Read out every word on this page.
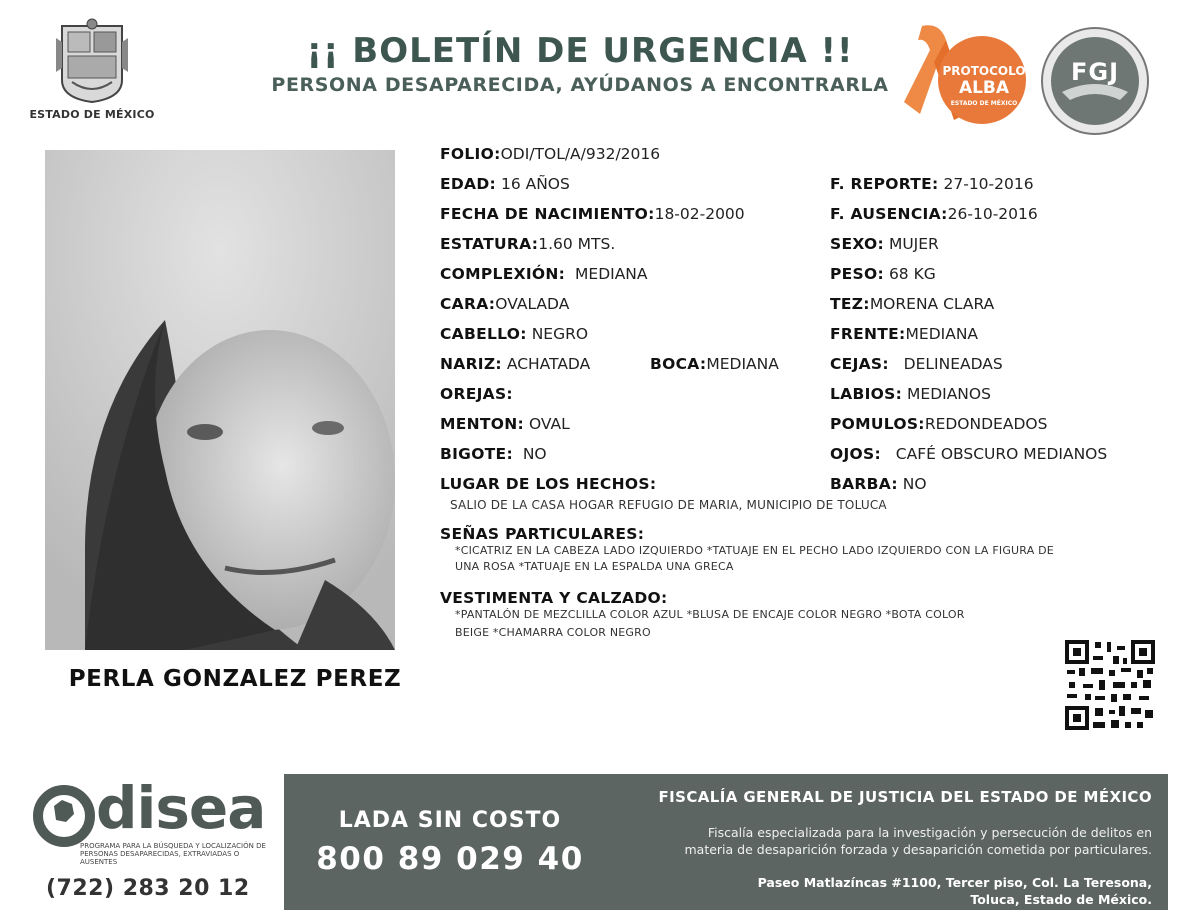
ESTADO DE MÉXICO
¡¡ BOLETÍN DE URGENCIA !!
PERSONA DESAPARECIDA, AYÚDANOS A ENCONTRARLA
PROTOCOLO
ALBA
ESTADO DE MÉXICO
FGJ
PERLA GONZALEZ PEREZ
FOLIO:ODI/TOL/A/932/2016
EDAD: 16 AÑOS
FECHA DE NACIMIENTO:18-02-2000
ESTATURA:1.60 MTS.
COMPLEXIÓN: MEDIANA
CARA:OVALADA
CABELLO: NEGRO
NARIZ: ACHATADA	BOCA:MEDIANA
OREJAS:
MENTON: OVAL
BIGOTE: NO
LUGAR DE LOS HECHOS:
SALIO DE LA CASA HOGAR REFUGIO DE MARIA, MUNICIPIO DE TOLUCA
F. REPORTE: 27-10-2016
F. AUSENCIA:26-10-2016
SEXO: MUJER
PESO: 68 KG
TEZ:MORENA CLARA
FRENTE:MEDIANA
CEJAS: DELINEADAS
LABIOS: MEDIANOS
POMULOS:REDONDEADOS
OJOS: CAFÉ OBSCURO MEDIANOS
BARBA: NO
SEÑAS PARTICULARES:
*CICATRIZ EN LA CABEZA LADO IZQUIERDO *TATUAJE EN EL PECHO LADO IZQUIERDO CON LA FIGURA DE
UNA ROSA *TATUAJE EN LA ESPALDA UNA GRECA
VESTIMENTA Y CALZADO:
*PANTALÓN DE MEZCLILLA COLOR AZUL *BLUSA DE ENCAJE COLOR NEGRO *BOTA COLOR
BEIGE *CHAMARRA COLOR NEGRO
disea
PROGRAMA PARA LA BÚSQUEDA Y LOCALIZACIÓN DE PERSONAS DESAPARECIDAS, EXTRAVIADAS O AUSENTES
(722) 283 20 12
LADA SIN COSTO
800 89 029 40
FISCALÍA GENERAL DE JUSTICIA DEL ESTADO DE MÉXICO
Fiscalía especializada para la investigación y persecución de delitos en
materia de desaparición forzada y desaparición cometida por particulares.
Paseo Matlazíncas #1100, Tercer piso, Col. La Teresona,
Toluca, Estado de México.
